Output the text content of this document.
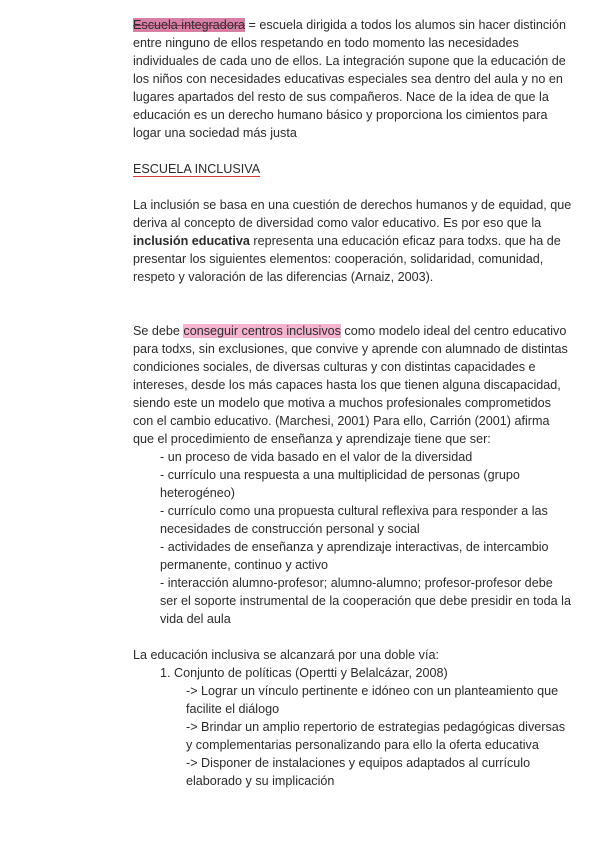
Escuela integradora = escuela dirigida a todos los alumos sin hacer distinción entre ninguno de ellos respetando en todo momento las necesidades individuales de cada uno de ellos. La integración supone que la educación de los niños con necesidades educativas especiales sea dentro del aula y no en lugares apartados del resto de sus compañeros. Nace de la idea de que la educación es un derecho humano básico y proporciona los cimientos para logar una sociedad más justa

ESCUELA INCLUSIVA

La inclusión se basa en una cuestión de derechos humanos y de equidad, que deriva al concepto de diversidad como valor educativo. Es por eso que la inclusión educativa representa una educación eficaz para todxs. que ha de presentar los siguientes elementos: cooperación, solidaridad, comunidad, respeto y valoración de las diferencias (Arnaiz, 2003).

Se debe conseguir centros inclusivos como modelo ideal del centro educativo para todxs, sin exclusiones, que convive y aprende con alumnado de distintas condiciones sociales, de diversas culturas y con distintas capacidades e intereses, desde los más capaces hasta los que tienen alguna discapacidad, siendo este un modelo que motiva a muchos profesionales comprometidos con el cambio educativo. (Marchesi, 2001) Para ello, Carrión (2001) afirma que el procedimiento de enseñanza y aprendizaje tiene que ser:

- un proceso de vida basado en el valor de la diversidad

- currículo una respuesta a una multiplicidad de personas (grupo heterogéneo)

- currículo como una propuesta cultural reflexiva para responder a las necesidades de construcción personal y social

- actividades de enseñanza y aprendizaje interactivas, de intercambio permanente, continuo y activo

- interacción alumno-profesor; alumno-alumno; profesor-profesor debe ser el soporte instrumental de la cooperación que debe presidir en toda la vida del aula

La educación inclusiva se alcanzará por una doble vía:

1. Conjunto de políticas (Opertti y Belalcázar, 2008)

-> Lograr un vínculo pertinente e idóneo con un planteamiento que facilite el diálogo

-> Brindar un amplio repertorio de estrategias pedagógicas diversas y complementarias personalizando para ello la oferta educativa

-> Disponer de instalaciones y equipos adaptados al currículo elaborado y su implicación
